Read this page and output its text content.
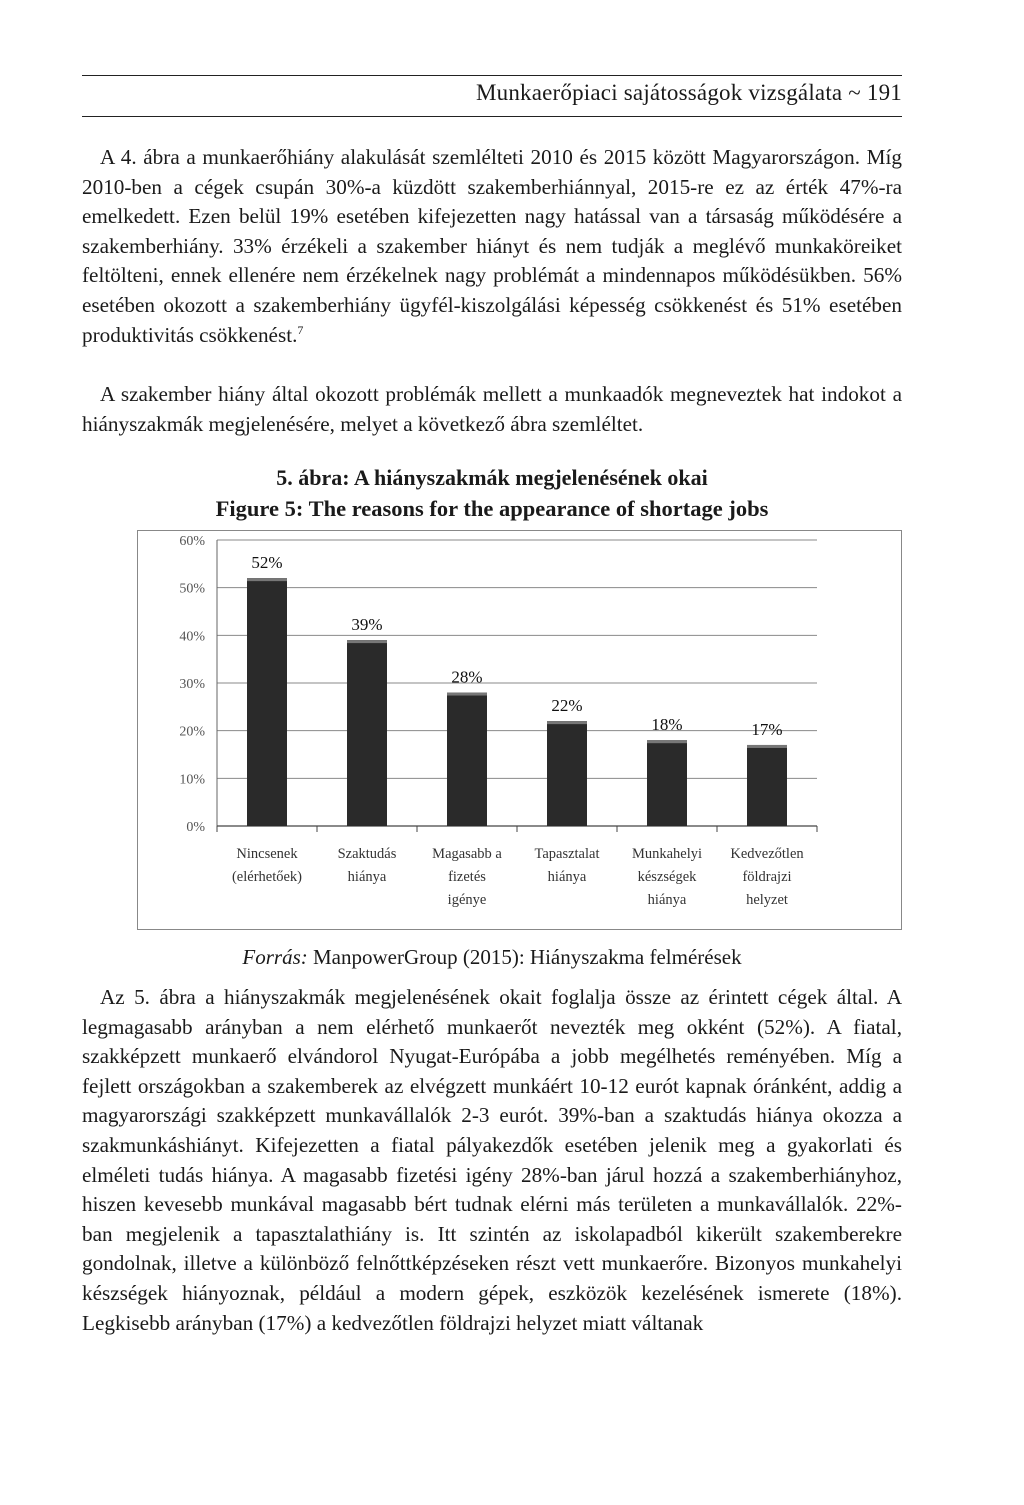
Munkaerőpiaci sajátosságok vizsgálata ~ 191

A 4. ábra a munkaerőhiány alakulását szemlélteti 2010 és 2015 között Magyarországon. Míg 2010-ben a cégek csupán 30%-a küzdött szakemberhiánnyal, 2015-re ez az érték 47%-ra emelkedett. Ezen belül 19% esetében kifejezetten nagy hatással van a társaság működésére a szakemberhiány. 33% érzékeli a szakember hiányt és nem tudják a meglévő munkaköreiket feltölteni, ennek ellenére nem érzékelnek nagy problémát a mindennapos működésükben. 56% esetében okozott a szakemberhiány ügyfél-kiszolgálási képesség csökkenést és 51% esetében produktivitás csökkenést.$^7$

A szakember hiány által okozott problémák mellett a munkaadók megneveztek hat indokot a hiányszakmák megjelenésére, melyet a következő ábra szemléltet.

5. ábra: A hiányszakmák megjelenésének okai
Figure 5: The reasons for the appearance of shortage jobs
0%
10%
20%
30%
40%
50%
60%
52%
Nincsenek
(elérhetőek)
39%
Szaktudás
hiánya
28%
Magasabb a
fizetés
igénye
22%
Tapasztalat
hiánya
18%
Munkahelyi
készségek
hiánya
17%
Kedvezőtlen
földrajzi
helyzet
Forrás: ManpowerGroup (2015): Hiányszakma felmérések

Az 5. ábra a hiányszakmák megjelenésének okait foglalja össze az érintett cégek által. A legmagasabb arányban a nem elérhető munkaerőt nevezték meg okként (52%). A fiatal, szakképzett munkaerő elvándorol Nyugat-Európába a jobb megélhetés reményében. Míg a fejlett országokban a szakemberek az elvégzett munkáért 10-12 eurót kapnak óránként, addig a magyarországi szakképzett munkavállalók 2-3 eurót. 39%-ban a szaktudás hiánya okozza a szakmunkáshiányt. Kifejezetten a fiatal pályakezdők esetében jelenik meg a gyakorlati és elméleti tudás hiánya. A magasabb fizetési igény 28%-ban járul hozzá a szakemberhiányhoz, hiszen kevesebb munkával magasabb bért tudnak elérni más területen a munkavállalók. 22%-ban megjelenik a tapasztalathiány is. Itt szintén az iskolapadból kikerült szakemberekre gondolnak, illetve a különböző felnőttképzéseken részt vett munkaerőre. Bizonyos munkahelyi készségek hiányoznak, például a modern gépek, eszközök kezelésének ismerete (18%). Legkisebb arányban (17%) a kedvezőtlen földrajzi helyzet miatt váltanak
